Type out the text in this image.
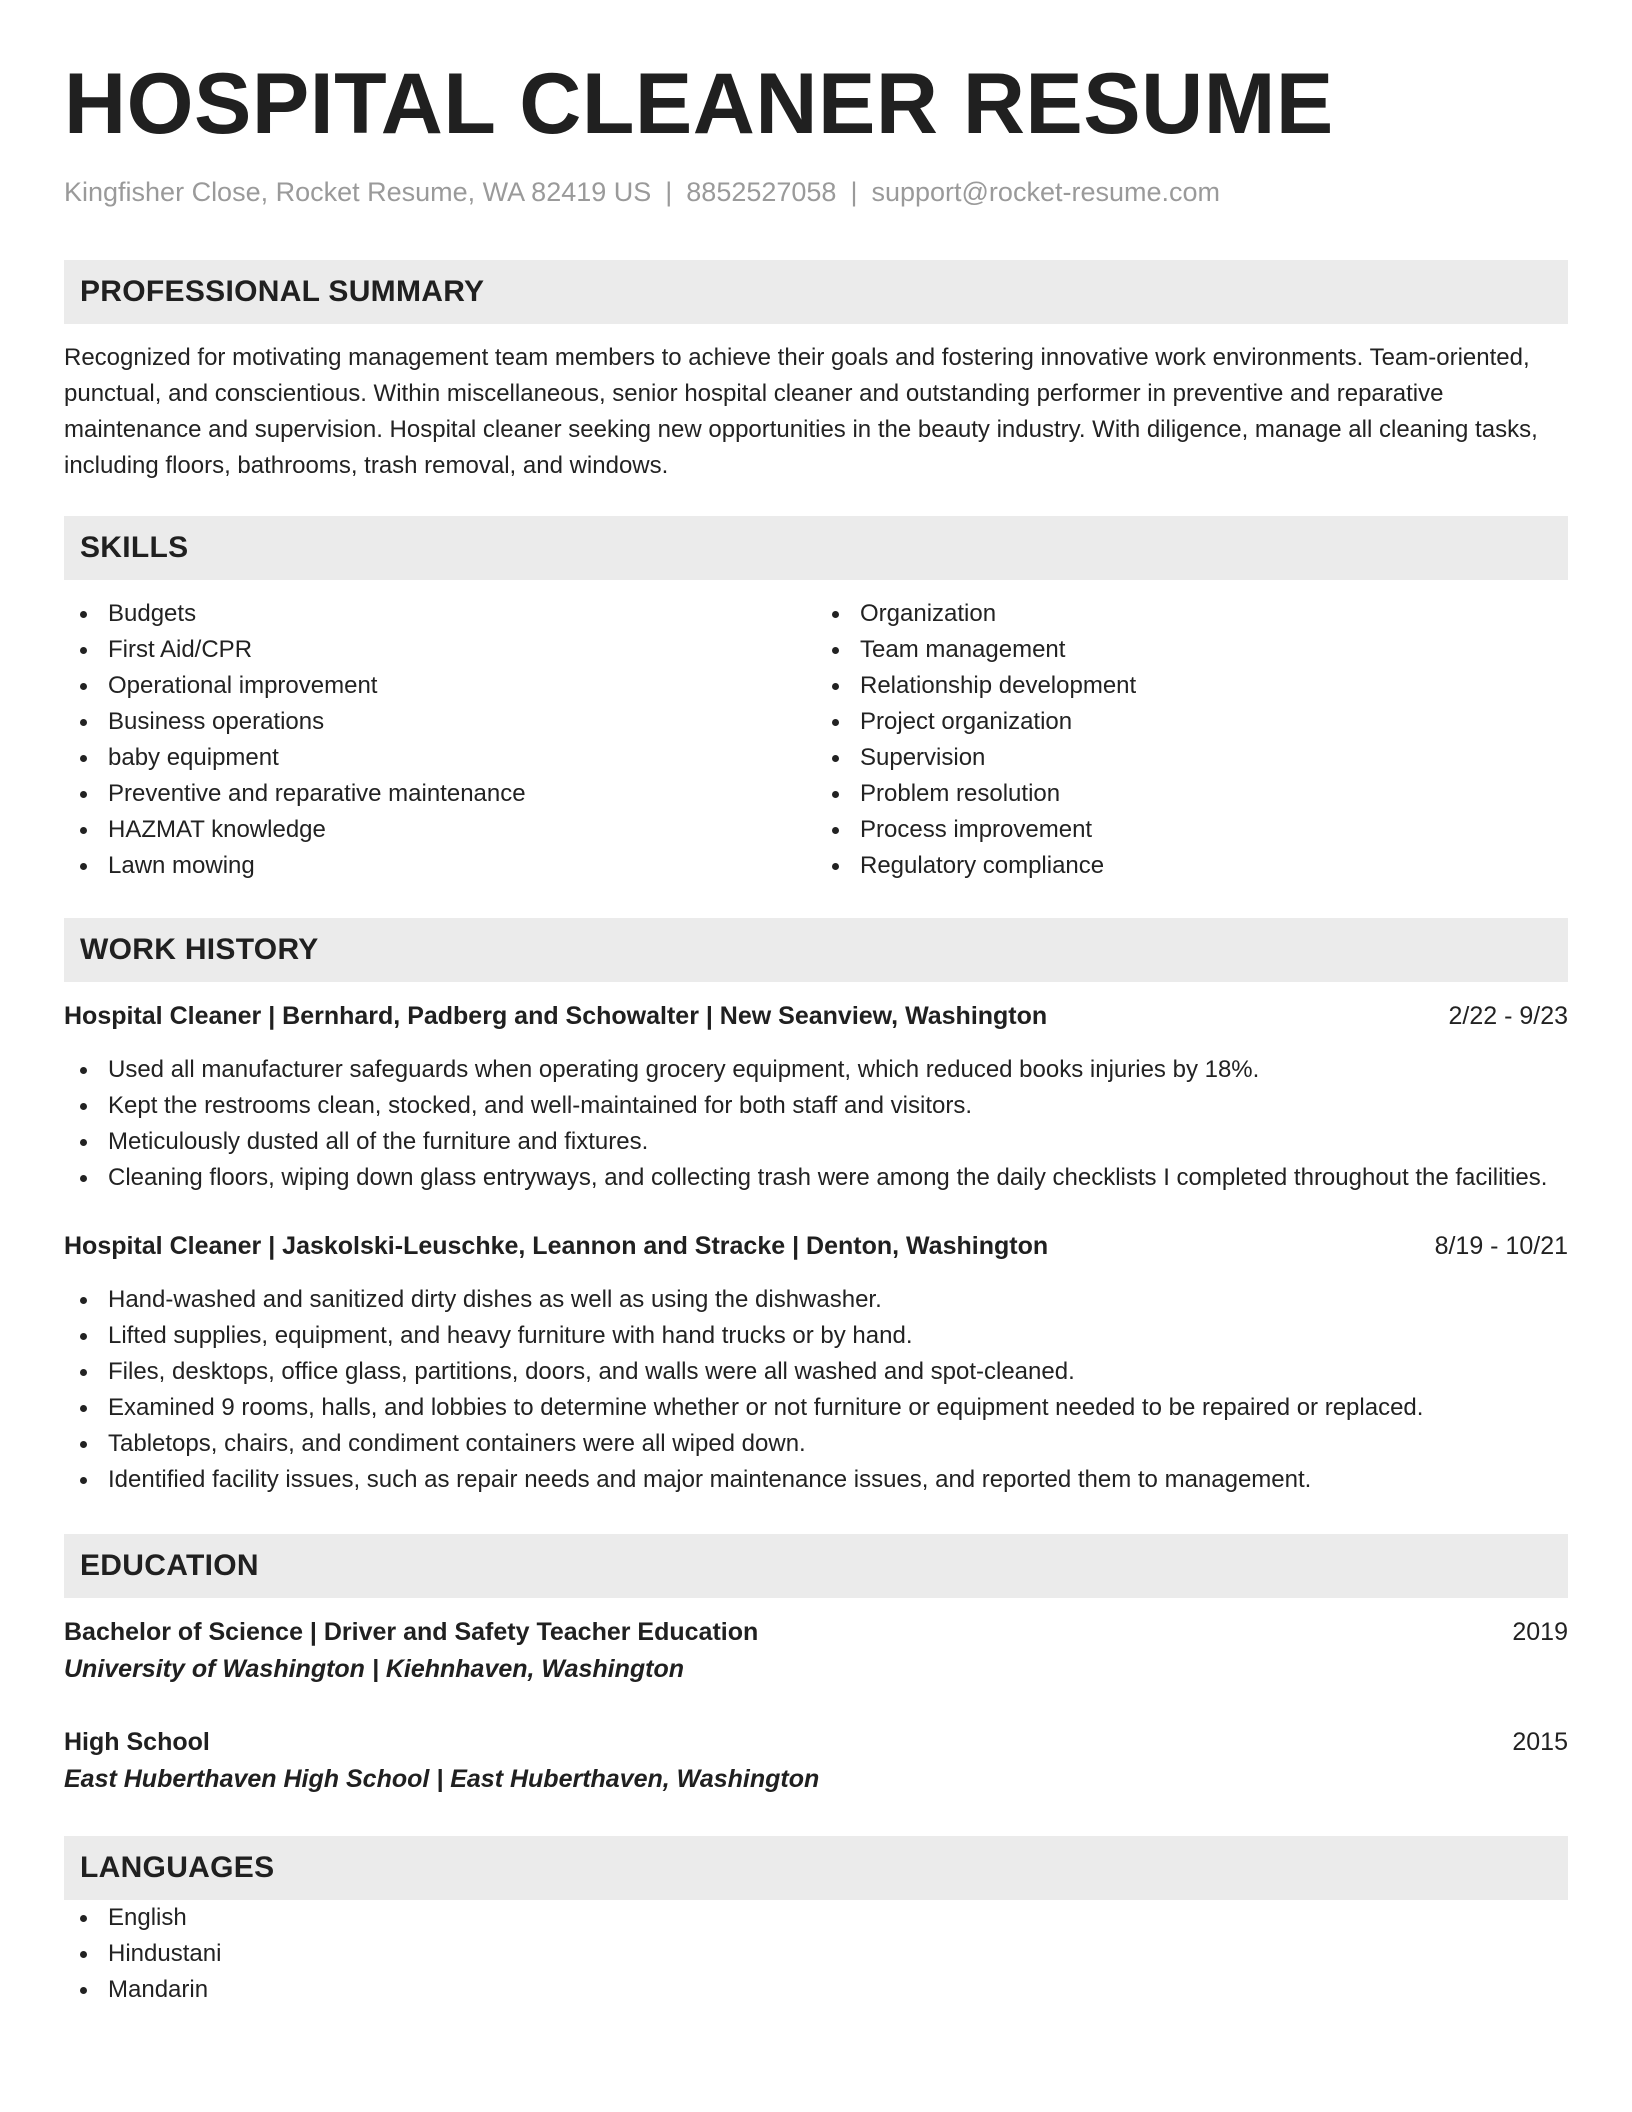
HOSPITAL CLEANER RESUME
Kingfisher Close, Rocket Resume, WA 82419 US | 8852527058 | support@rocket-resume.com
PROFESSIONAL SUMMARY

Recognized for motivating management team members to achieve their goals and fostering innovative work environments. Team-oriented, punctual, and conscientious. Within miscellaneous, senior hospital cleaner and outstanding performer in preventive and reparative maintenance and supervision. Hospital cleaner seeking new opportunities in the beauty industry. With diligence, manage all cleaning tasks, including floors, bathrooms, trash removal, and windows.

SKILLS
Budgets
First Aid/CPR
Operational improvement
Business operations
baby equipment
Preventive and reparative maintenance
HAZMAT knowledge
Lawn mowing
Organization
Team management
Relationship development
Project organization
Supervision
Problem resolution
Process improvement
Regulatory compliance
WORK HISTORY
Hospital Cleaner | Bernhard, Padberg and Schowalter | New Seanview, Washington	2/22 - 9/23
Used all manufacturer safeguards when operating grocery equipment, which reduced books injuries by 18%.
Kept the restrooms clean, stocked, and well-maintained for both staff and visitors.
Meticulously dusted all of the furniture and fixtures.
Cleaning floors, wiping down glass entryways, and collecting trash were among the daily checklists I completed throughout the facilities.
Hospital Cleaner | Jaskolski-Leuschke, Leannon and Stracke | Denton, Washington	8/19 - 10/21
Hand-washed and sanitized dirty dishes as well as using the dishwasher.
Lifted supplies, equipment, and heavy furniture with hand trucks or by hand.
Files, desktops, office glass, partitions, doors, and walls were all washed and spot-cleaned.
Examined 9 rooms, halls, and lobbies to determine whether or not furniture or equipment needed to be repaired or replaced.
Tabletops, chairs, and condiment containers were all wiped down.
Identified facility issues, such as repair needs and major maintenance issues, and reported them to management.
EDUCATION
Bachelor of Science | Driver and Safety Teacher Education	2019
University of Washington | Kiehnhaven, Washington
High School	2015
East Huberthaven High School | East Huberthaven, Washington
LANGUAGES
English
Hindustani
Mandarin
